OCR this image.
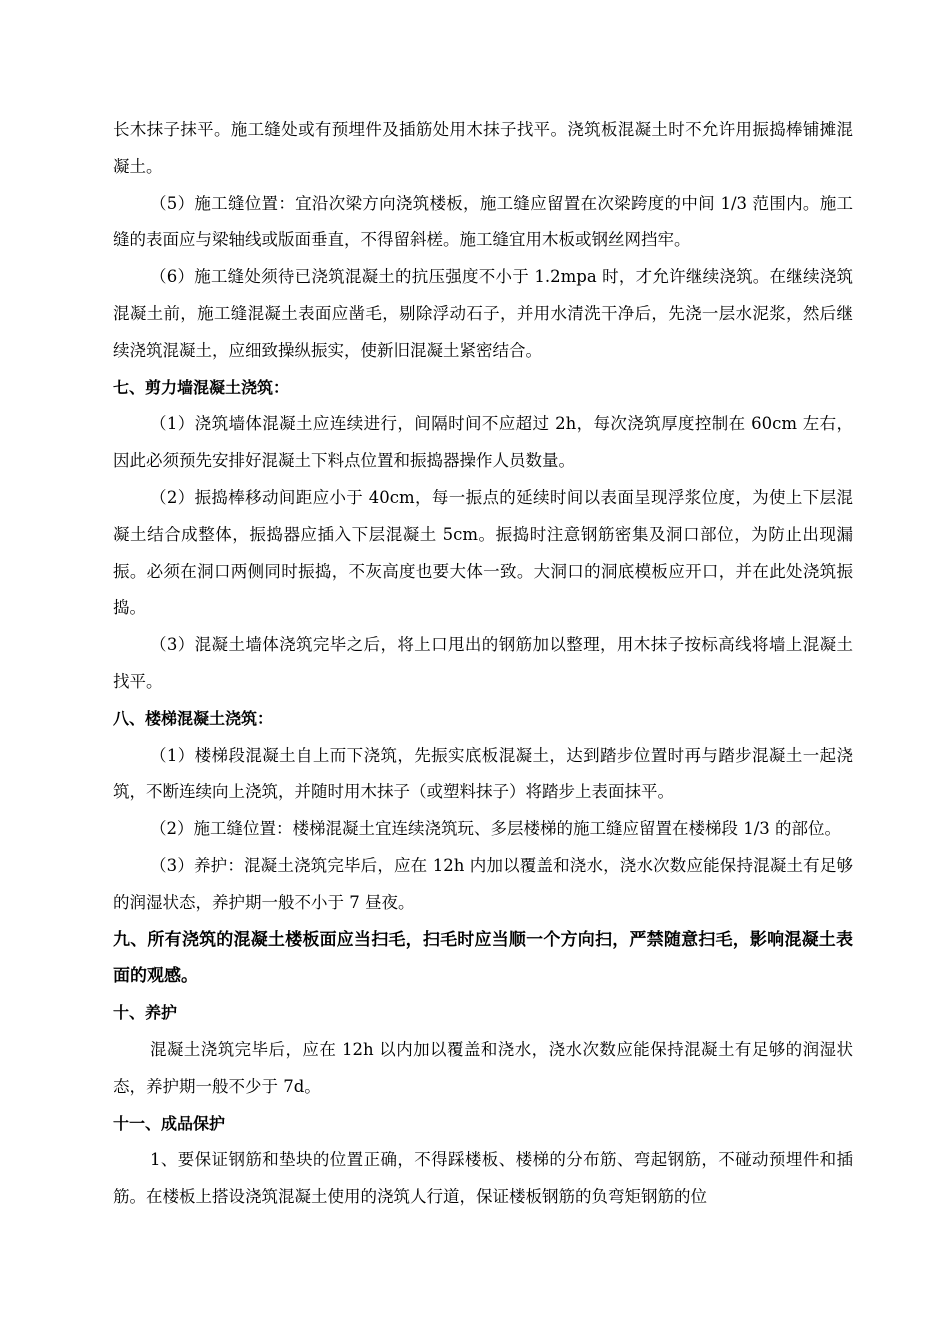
长木抹子抹平。施工缝处或有预埋件及插筋处用木抹子找平。浇筑板混凝土时不允许用振捣棒铺摊混凝土。

（5）施工缝位置：宜沿次梁方向浇筑楼板，施工缝应留置在次梁跨度的中间 1/3 范围内。施工缝的表面应与梁轴线或版面垂直，不得留斜槎。施工缝宜用木板或钢丝网挡牢。

（6）施工缝处须待已浇筑混凝土的抗压强度不小于 1.2mpa 时，才允许继续浇筑。在继续浇筑混凝土前，施工缝混凝土表面应凿毛，剔除浮动石子，并用水清洗干净后，先浇一层水泥浆，然后继续浇筑混凝土，应细致操纵振实，使新旧混凝土紧密结合。

七、剪力墙混凝土浇筑：

（1）浇筑墙体混凝土应连续进行，间隔时间不应超过 2h，每次浇筑厚度控制在 60cm 左右，因此必须预先安排好混凝土下料点位置和振捣器操作人员数量。

（2）振捣棒移动间距应小于 40cm，每一振点的延续时间以表面呈现浮浆位度，为使上下层混凝土结合成整体，振捣器应插入下层混凝土 5cm。振捣时注意钢筋密集及洞口部位，为防止出现漏振。必须在洞口两侧同时振捣，不灰高度也要大体一致。大洞口的洞底模板应开口，并在此处浇筑振捣。

（3）混凝土墙体浇筑完毕之后，将上口甩出的钢筋加以整理，用木抹子按标高线将墙上混凝土找平。

八、楼梯混凝土浇筑：

（1）楼梯段混凝土自上而下浇筑，先振实底板混凝土，达到踏步位置时再与踏步混凝土一起浇筑，不断连续向上浇筑，并随时用木抹子（或塑料抹子）将踏步上表面抹平。

（2）施工缝位置：楼梯混凝土宜连续浇筑玩、多层楼梯的施工缝应留置在楼梯段 1/3 的部位。

（3）养护：混凝土浇筑完毕后，应在 12h 内加以覆盖和浇水，浇水次数应能保持混凝土有足够的润湿状态，养护期一般不小于 7 昼夜。

九、所有浇筑的混凝土楼板面应当扫毛，扫毛时应当顺一个方向扫，严禁随意扫毛，影响混凝土表面的观感。

十、养护

混凝土浇筑完毕后，应在 12h 以内加以覆盖和浇水，浇水次数应能保持混凝土有足够的润湿状态，养护期一般不少于 7d。

十一、成品保护

1、要保证钢筋和垫块的位置正确，不得踩楼板、楼梯的分布筋、弯起钢筋，不碰动预埋件和插筋。在楼板上搭设浇筑混凝土使用的浇筑人行道，保证楼板钢筋的负弯矩钢筋的位
